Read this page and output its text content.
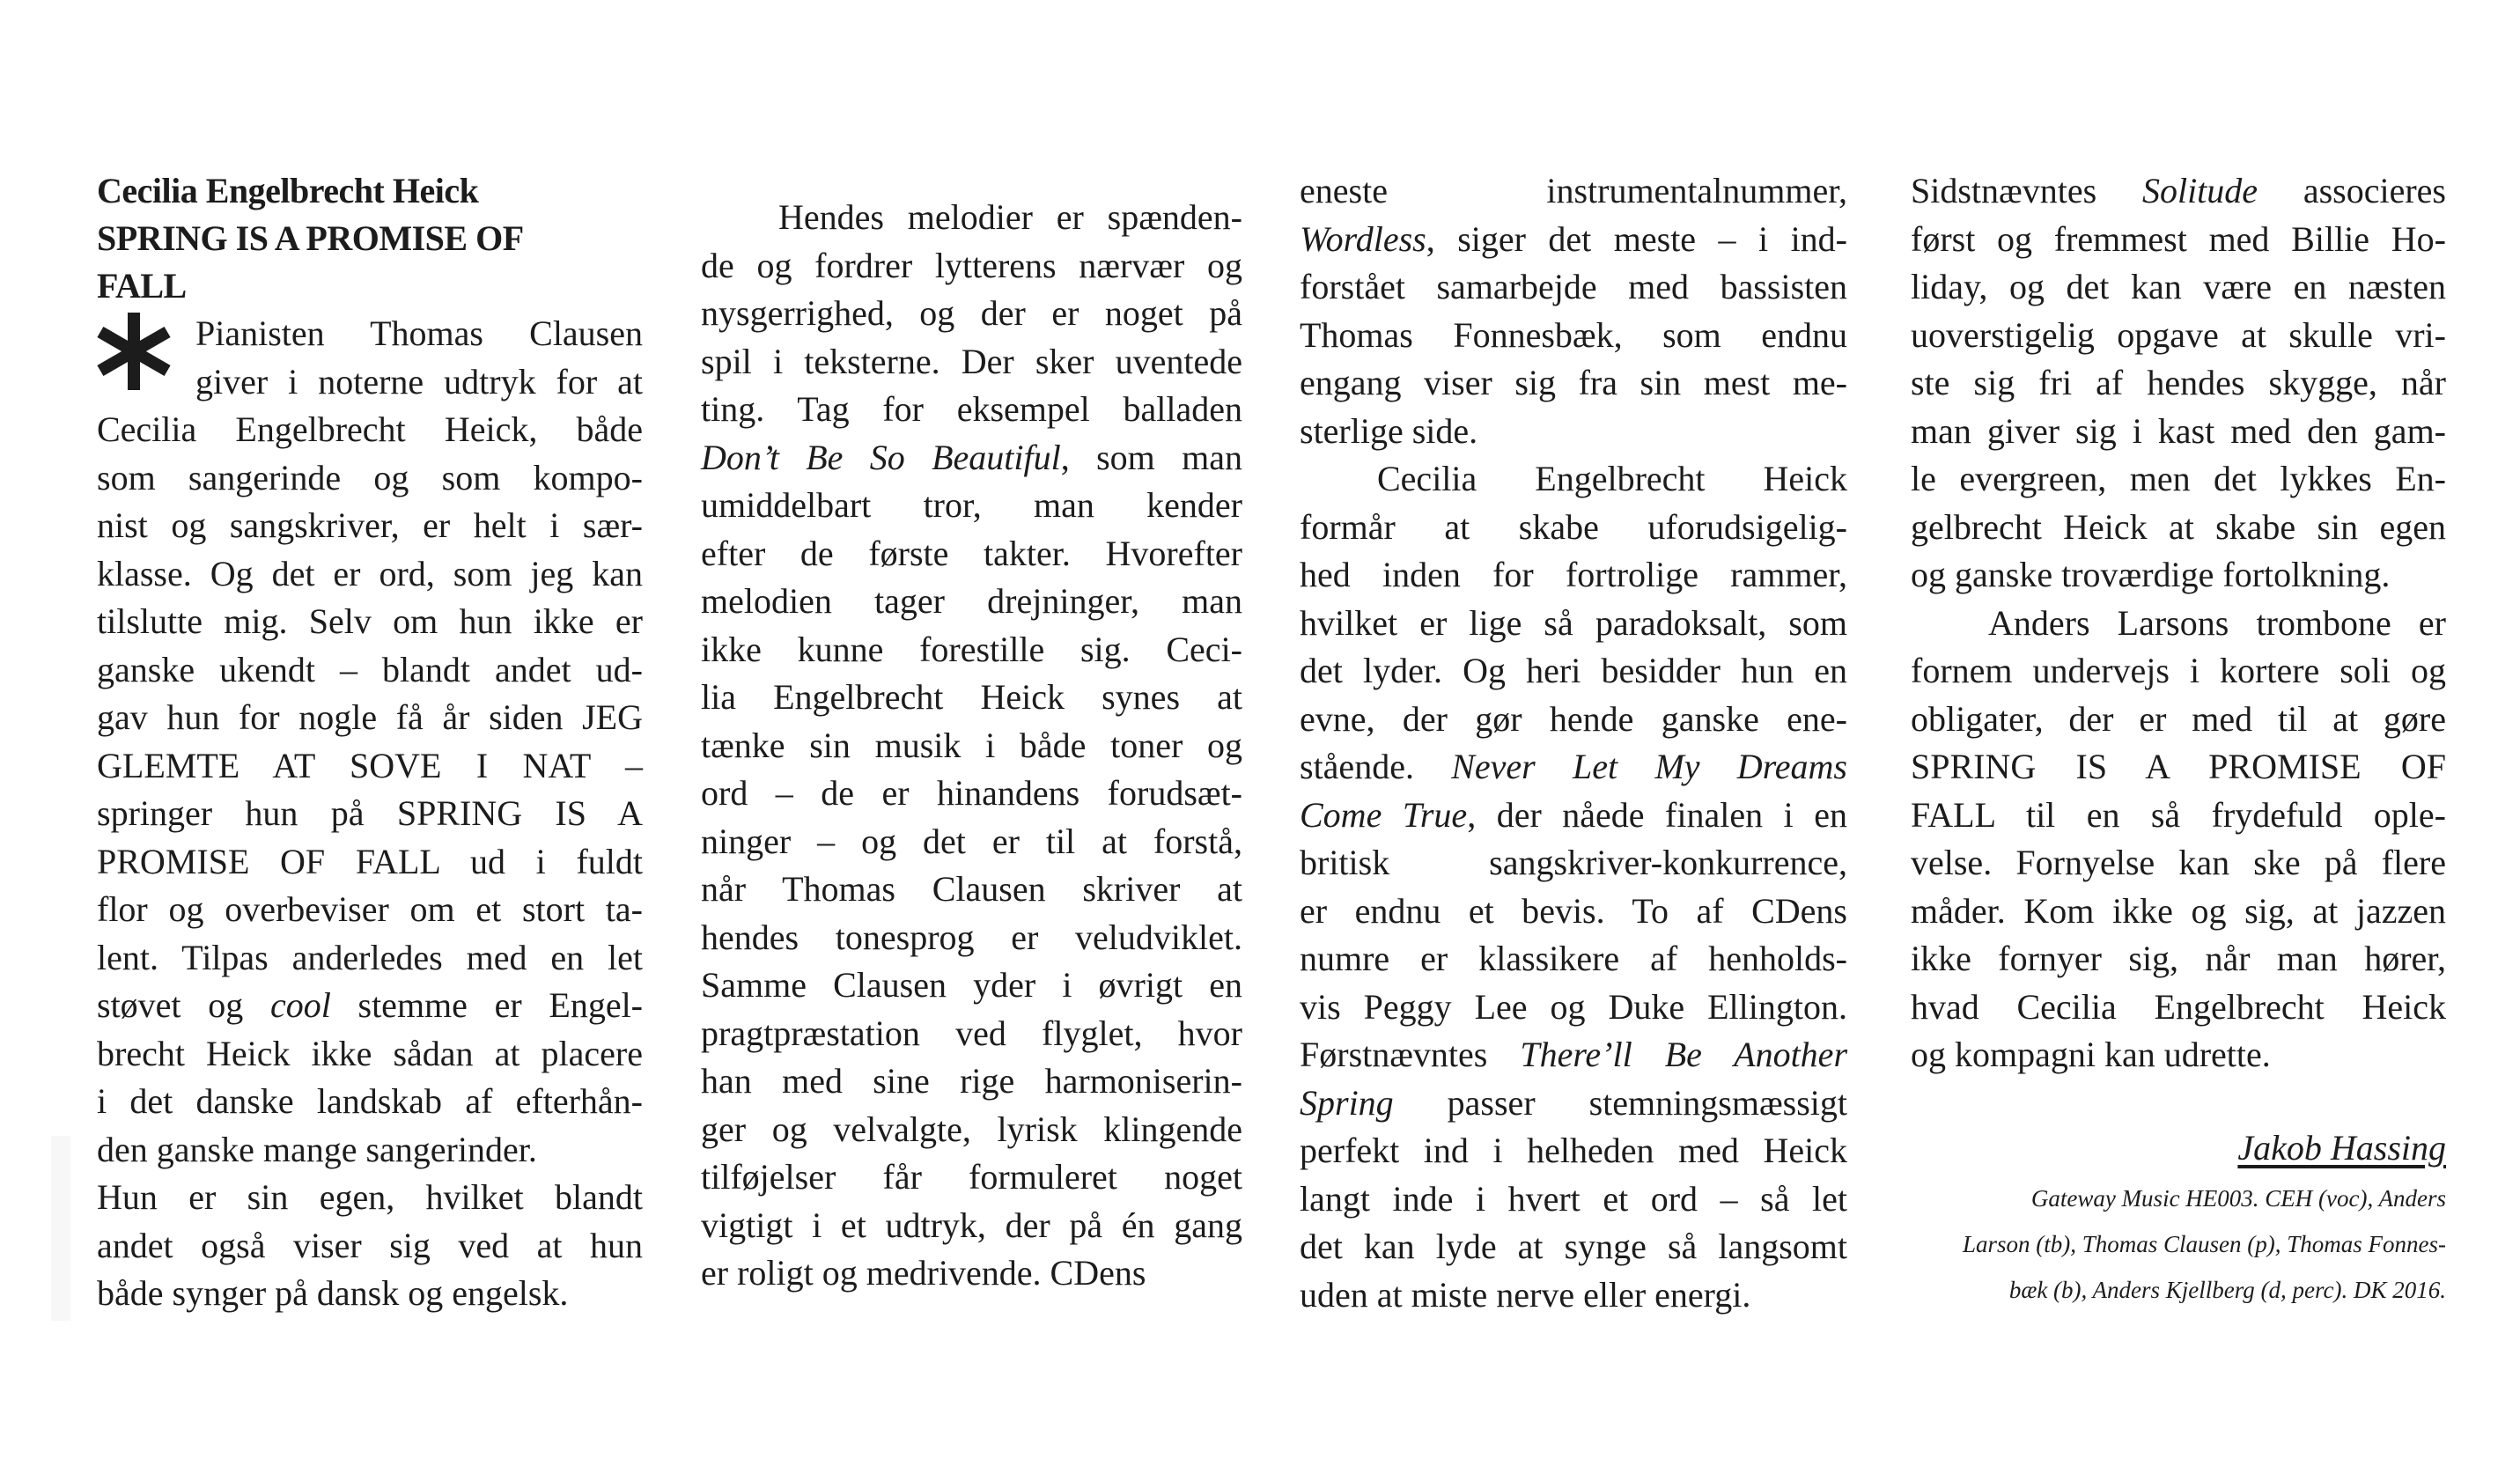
Cecilia Engelbrecht Heick
SPRING IS A PROMISE OF
FALL
Pianisten Thomas Clausen
giver i noterne udtryk for at
Cecilia Engelbrecht Heick, både
som sangerinde og som kompo-
nist og sangskriver, er helt i sær-
klasse. Og det er ord, som jeg kan
tilslutte mig. Selv om hun ikke er
ganske ukendt – blandt andet ud-
gav hun for nogle få år siden JEG
GLEMTE AT SOVE I NAT –
springer hun på SPRING IS A
PROMISE OF FALL ud i fuldt
flor og overbeviser om et stort ta-
lent. Tilpas anderledes med en let
støvet og cool stemme er Engel-
brecht Heick ikke sådan at placere
i det danske landskab af efterhån-
den ganske mange sangerinder.
Hun er sin egen, hvilket blandt
andet også viser sig ved at hun
både synger på dansk og engelsk.
Hendes melodier er spænden-
de og fordrer lytterens nærvær og
nysgerrighed, og der er noget på
spil i teksterne. Der sker uventede
ting. Tag for eksempel balladen
Don’t Be So Beautiful, som man
umiddelbart tror, man kender
efter de første takter. Hvorefter
melodien tager drejninger, man
ikke kunne forestille sig. Ceci-
lia Engelbrecht Heick synes at
tænke sin musik i både toner og
ord – de er hinandens forudsæt-
ninger – og det er til at forstå,
når Thomas Clausen skriver at
hendes tonesprog er veludviklet.
Samme Clausen yder i øvrigt en
pragtpræstation ved flyglet, hvor
han med sine rige harmoniserin-
ger og velvalgte, lyrisk klingende
tilføjelser får formuleret noget
vigtigt i et udtryk, der på én gang
er roligt og medrivende. CDens
eneste instrumentalnummer,
Wordless, siger det meste – i ind-
forstået samarbejde med bassisten
Thomas Fonnesbæk, som endnu
engang viser sig fra sin mest me-
sterlige side.
Cecilia Engelbrecht Heick
formår at skabe uforudsigelig-
hed inden for fortrolige rammer,
hvilket er lige så paradoksalt, som
det lyder. Og heri besidder hun en
evne, der gør hende ganske ene-
stående. Never Let My Dreams
Come True, der nåede finalen i en
britisk sangskriver-konkurrence,
er endnu et bevis. To af CDens
numre er klassikere af henholds-
vis Peggy Lee og Duke Ellington.
Førstnævntes There’ll Be Another
Spring passer stemningsmæssigt
perfekt ind i helheden med Heick
langt inde i hvert et ord – så let
det kan lyde at synge så langsomt
uden at miste nerve eller energi.
Sidstnævntes Solitude associeres
først og fremmest med Billie Ho-
liday, og det kan være en næsten
uoverstigelig opgave at skulle vri-
ste sig fri af hendes skygge, når
man giver sig i kast med den gam-
le evergreen, men det lykkes En-
gelbrecht Heick at skabe sin egen
og ganske troværdige fortolkning.
Anders Larsons trombone er
fornem undervejs i kortere soli og
obligater, der er med til at gøre
SPRING IS A PROMISE OF
FALL til en så frydefuld ople-
velse. Fornyelse kan ske på flere
måder. Kom ikke og sig, at jazzen
ikke fornyer sig, når man hører,
hvad Cecilia Engelbrecht Heick
og kompagni kan udrette.
Jakob Hassing
Gateway Music HE003. CEH (voc), Anders
Larson (tb), Thomas Clausen (p), Thomas Fonnes-
bæk (b), Anders Kjellberg (d, perc). DK 2016.
